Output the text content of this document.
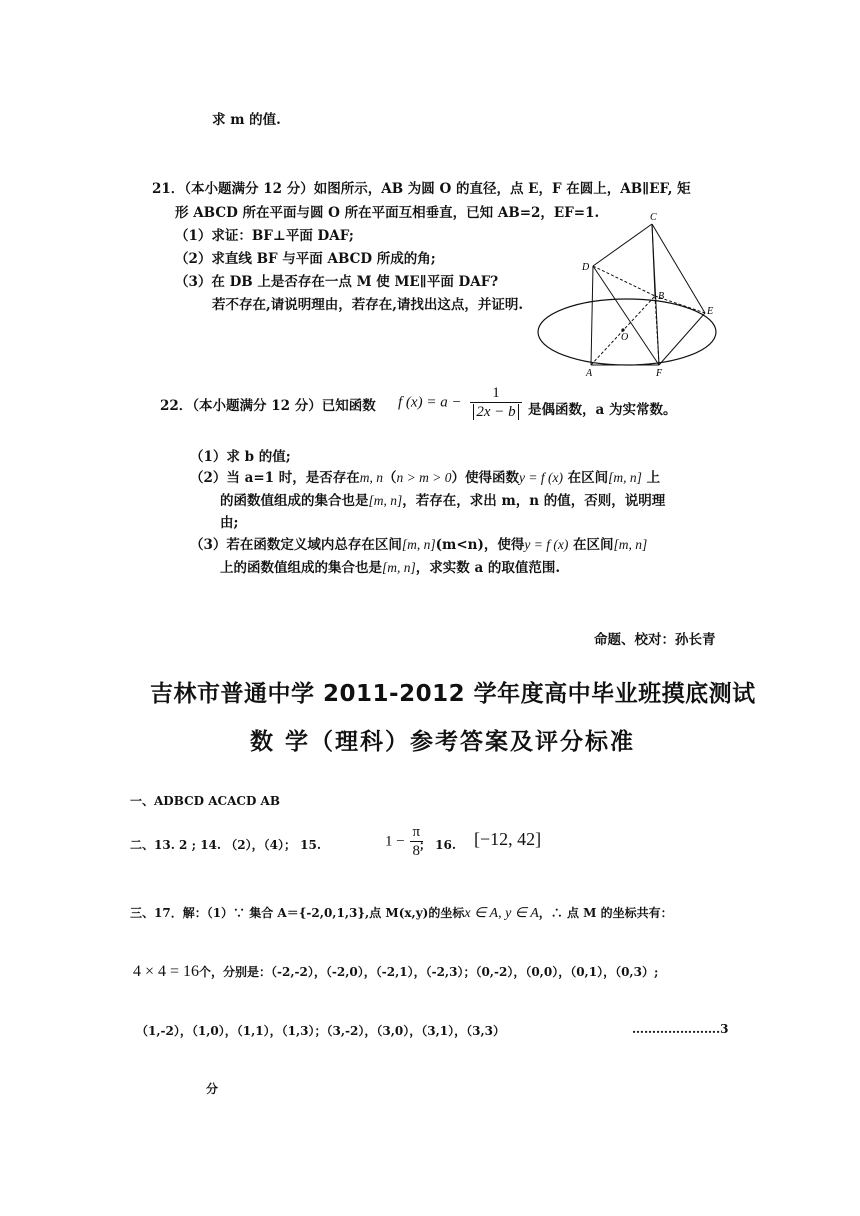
求 m 的值.
21．（本小题满分 12 分）如图所示，AB 为圆 O 的直径，点 E，F 在圆上，AB∥EF, 矩
形 ABCD 所在平面与圆 O 所在平面互相垂直，已知 AB=2，EF=1.
（1）求证：BF⊥平面 DAF;
（2）求直线 BF 与平面 ABCD 所成的角;
（3）在 DB 上是否存在一点 M 使 ME∥平面 DAF?
若不存在,请说明理由，若存在,请找出这点，并证明.
C
D
B
E
O
A	F
22．（本小题满分 12 分）已知函数 f $(x) = a - \frac{1}{2x - b}$ 是偶函数，a 为实常数。
（1）求 b 的值;
（2）当 a=1 时，是否存在m, n（n > m > 0）使得函数y = f (x) 在区间[m, n] 上
的函数值组成的集合也是[m, n]，若存在，求出 m，n 的值，否则，说明理
由;
（3）若在函数定义域内总存在区间[m, n](m<n)，使得y = f (x) 在区间[m, n]
上的函数值组成的集合也是[m, n]，求实数 a 的取值范围.
命题、校对：孙长青
吉林市普通中学 2011-2012 学年度高中毕业班摸底测试
数 学（理科）参考答案及评分标准
一、ADBCD ACACD AB
二、13. 2 ; 14. （2），（4）； 15.	$1 - \frac{\pi}{8}$
； 16. [−12, 42]
三、17．解：（1）∵ 集合 A＝{-2,0,1,3},点 M(x,y)的坐标x ∈ A, y ∈ A，∴ 点 M 的坐标共有：
4 × 4 = 16个，分别是：（-2,-2），（-2,0），（-2,1），（-2,3）；（0,-2），（0,0），（0,1），（0,3）;
（1,-2），（1,0），（1,1），（1,3）；（3,-2），（3,0），（3,1），（3,3）	………………….3
分
